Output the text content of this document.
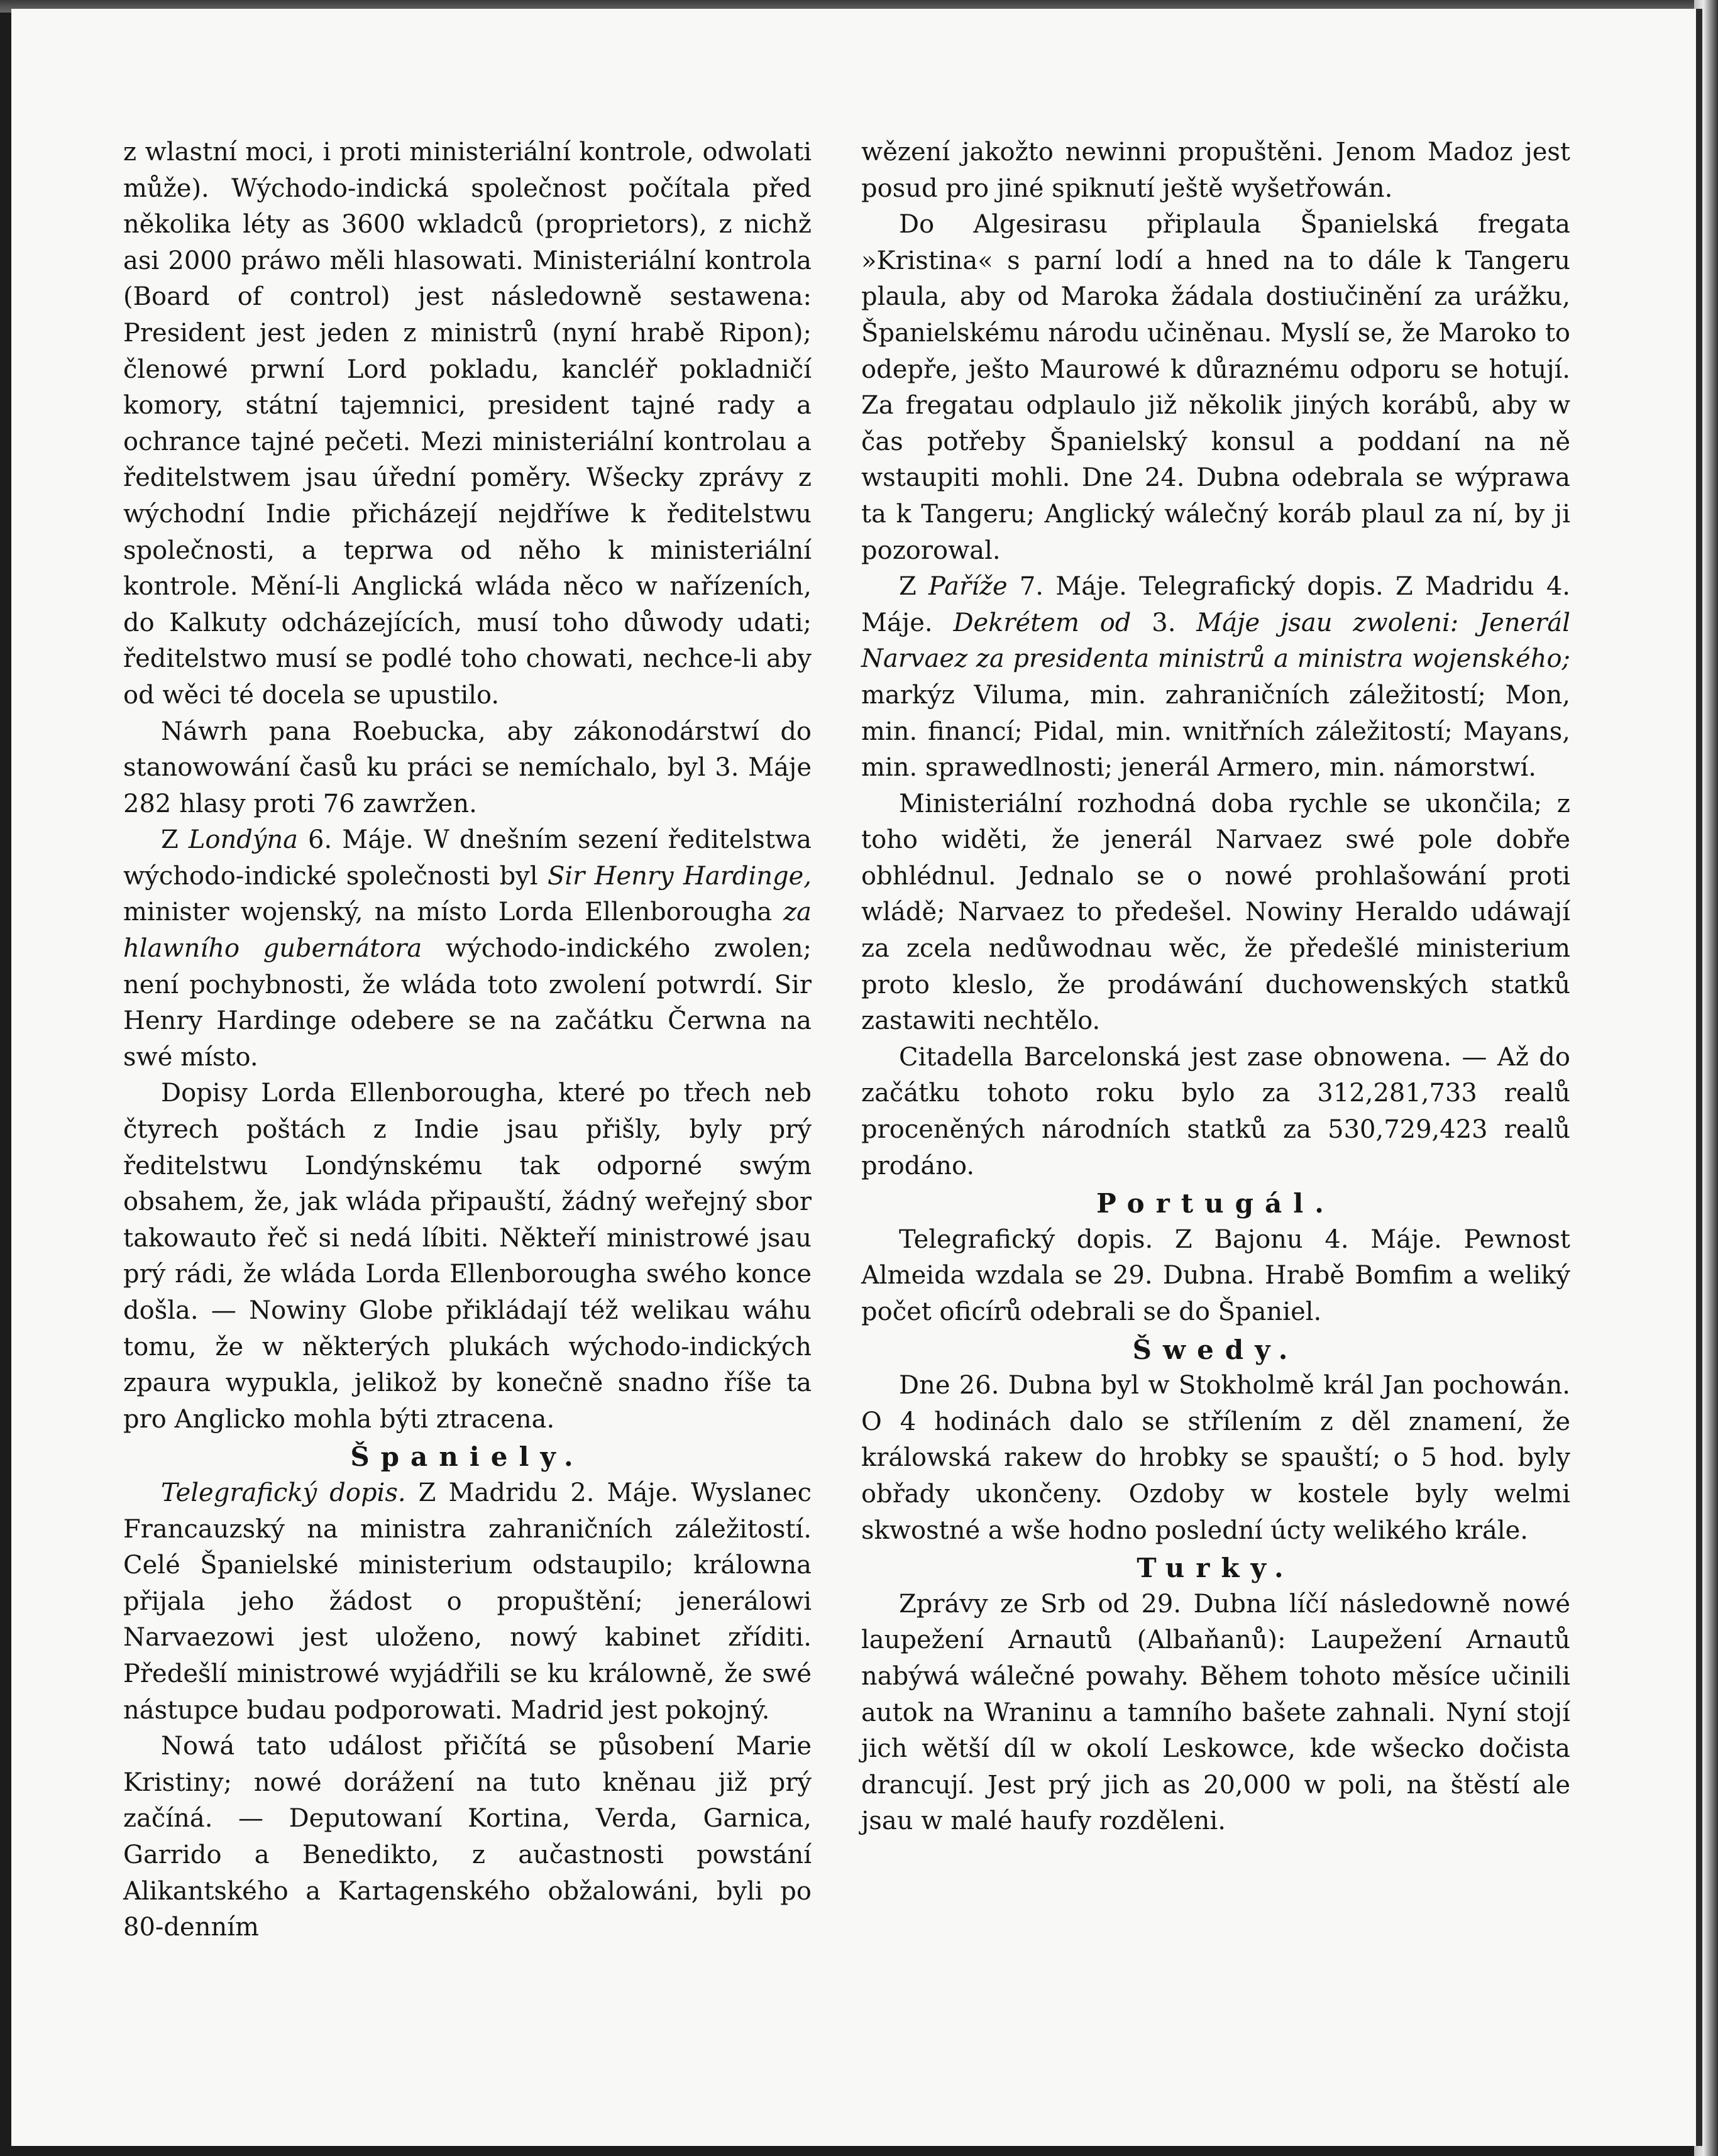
z wlastní moci, i proti ministeriální kontrole, odwolati může). Wýchodo-indická společnost počítala před několika léty as 3600 wkladců (proprietors), z nichž asi 2000 práwo měli hlasowati. Ministeriální kontrola (Board of control) jest následowně sestawena: President jest jeden z ministrů (nyní hrabě Ripon); členowé prwní Lord pokladu, kancléř pokladničí komory, státní tajemnici, president tajné rady a ochrance tajné pečeti. Mezi ministeriální kontrolau a ředitelstwem jsau úřední poměry. Wšecky zprávy z wýchodní Indie přicházejí nejdříwe k ředitelstwu společnosti, a teprwa od něho k ministeriální kontrole. Mění-li Anglická wláda něco w nařízeních, do Kalkuty odcházejících, musí toho důwody udati; ředitelstwo musí se podlé toho chowati, nechce-li aby od wěci té docela se upustilo.

Náwrh pana Roebucka, aby zákonodárstwí do stanowowání časů ku práci se nemíchalo, byl 3. Máje 282 hlasy proti 76 zawržen.

Z Londýna 6. Máje. W dnešním sezení ředitelstwa wýchodo-indické společnosti byl Sir Henry Hardinge, minister wojenský, na místo Lorda Ellenborougha za hlawního gubernátora wýchodo-indického zwolen; není pochybnosti, že wláda toto zwolení potwrdí. Sir Henry Hardinge odebere se na začátku Čerwna na swé místo.

Dopisy Lorda Ellenborougha, které po třech neb čtyrech poštách z Indie jsau přišly, byly prý ředitelstwu Londýnskému tak odporné swým obsahem, že, jak wláda připauští, žádný weřejný sbor takowauto řeč si nedá líbiti. Někteří ministrowé jsau prý rádi, že wláda Lorda Ellenborougha swého konce došla. — Nowiny Globe přikládají též welikau wáhu tomu, že w některých plukách wýchodo-indických zpaura wypukla, jelikož by konečně snadno říše ta pro Anglicko mohla býti ztracena.

Španiely.

Telegrafický dopis. Z Madridu 2. Máje. Wyslanec Francauzský na ministra zahraničních záležitostí. Celé Španielské ministerium odstaupilo; králowna přijala jeho žádost o propuštění; jenerálowi Narvaezowi jest uloženo, nowý kabinet zříditi. Předešlí ministrowé wyjádřili se ku králowně, že swé nástupce budau podporowati. Madrid jest pokojný.

Nowá tato událost přičítá se působení Marie Kristiny; nowé dorážení na tuto kněnau již prý začíná. — Deputowaní Kortina, Verda, Garnica, Garrido a Benedikto, z aučastnosti powstání Alikantského a Kartagenského obžalowáni, byli po 80-denním

wězení jakožto newinni propuštěni. Jenom Madoz jest posud pro jiné spiknutí ještě wyšetřowán.

Do Algesirasu připlaula Španielská fregata »Kristina« s parní lodí a hned na to dále k Tangeru plaula, aby od Maroka žádala dostiučinění za urážku, Španielskému národu učiněnau. Myslí se, že Maroko to odepře, ješto Maurowé k důraznému odporu se hotují. Za fregatau odplaulo již několik jiných korábů, aby w čas potřeby Španielský konsul a poddaní na ně wstaupiti mohli. Dne 24. Dubna odebrala se wýprawa ta k Tangeru; Anglický wálečný koráb plaul za ní, by ji pozorowal.

Z Paříže 7. Máje. Telegrafický dopis. Z Madridu 4. Máje. Dekrétem od 3. Máje jsau zwoleni: Jenerál Narvaez za presidenta ministrů a ministra wojenského; markýz Viluma, min. zahraničních záležitostí; Mon, min. financí; Pidal, min. wnitřních záležitostí; Mayans, min. sprawedlnosti; jenerál Armero, min. námorstwí.

Ministeriální rozhodná doba rychle se ukončila; z toho widěti, že jenerál Narvaez swé pole dobře obhlédnul. Jednalo se o nowé prohlašowání proti wládě; Narvaez to předešel. Nowiny Heraldo udáwají za zcela nedůwodnau wěc, že předešlé ministerium proto kleslo, že prodáwání duchowenských statků zastawiti nechtělo.

Citadella Barcelonská jest zase obnowena. — Až do začátku tohoto roku bylo za 312,281,733 realů proceněných národních statků za 530,729,423 realů prodáno.

Portugál.

Telegrafický dopis. Z Bajonu 4. Máje. Pewnost Almeida wzdala se 29. Dubna. Hrabě Bomfim a weliký počet oficírů odebrali se do Španiel.

Šwedy.

Dne 26. Dubna byl w Stokholmě král Jan pochowán. O 4 hodinách dalo se střílením z děl znamení, že králowská rakew do hrobky se spauští; o 5 hod. byly obřady ukončeny. Ozdoby w kostele byly welmi skwostné a wše hodno poslední úcty welikého krále.

Turky.

Zprávy ze Srb od 29. Dubna líčí následowně nowé laupežení Arnautů (Albaňanů): Laupežení Arnautů nabýwá wálečné powahy. Během tohoto měsíce učinili autok na Wraninu a tamního bašete zahnali. Nyní stojí jich wětší díl w okolí Leskowce, kde wšecko dočista drancují. Jest prý jich as 20,000 w poli, na štěstí ale jsau w malé haufy rozděleni.
